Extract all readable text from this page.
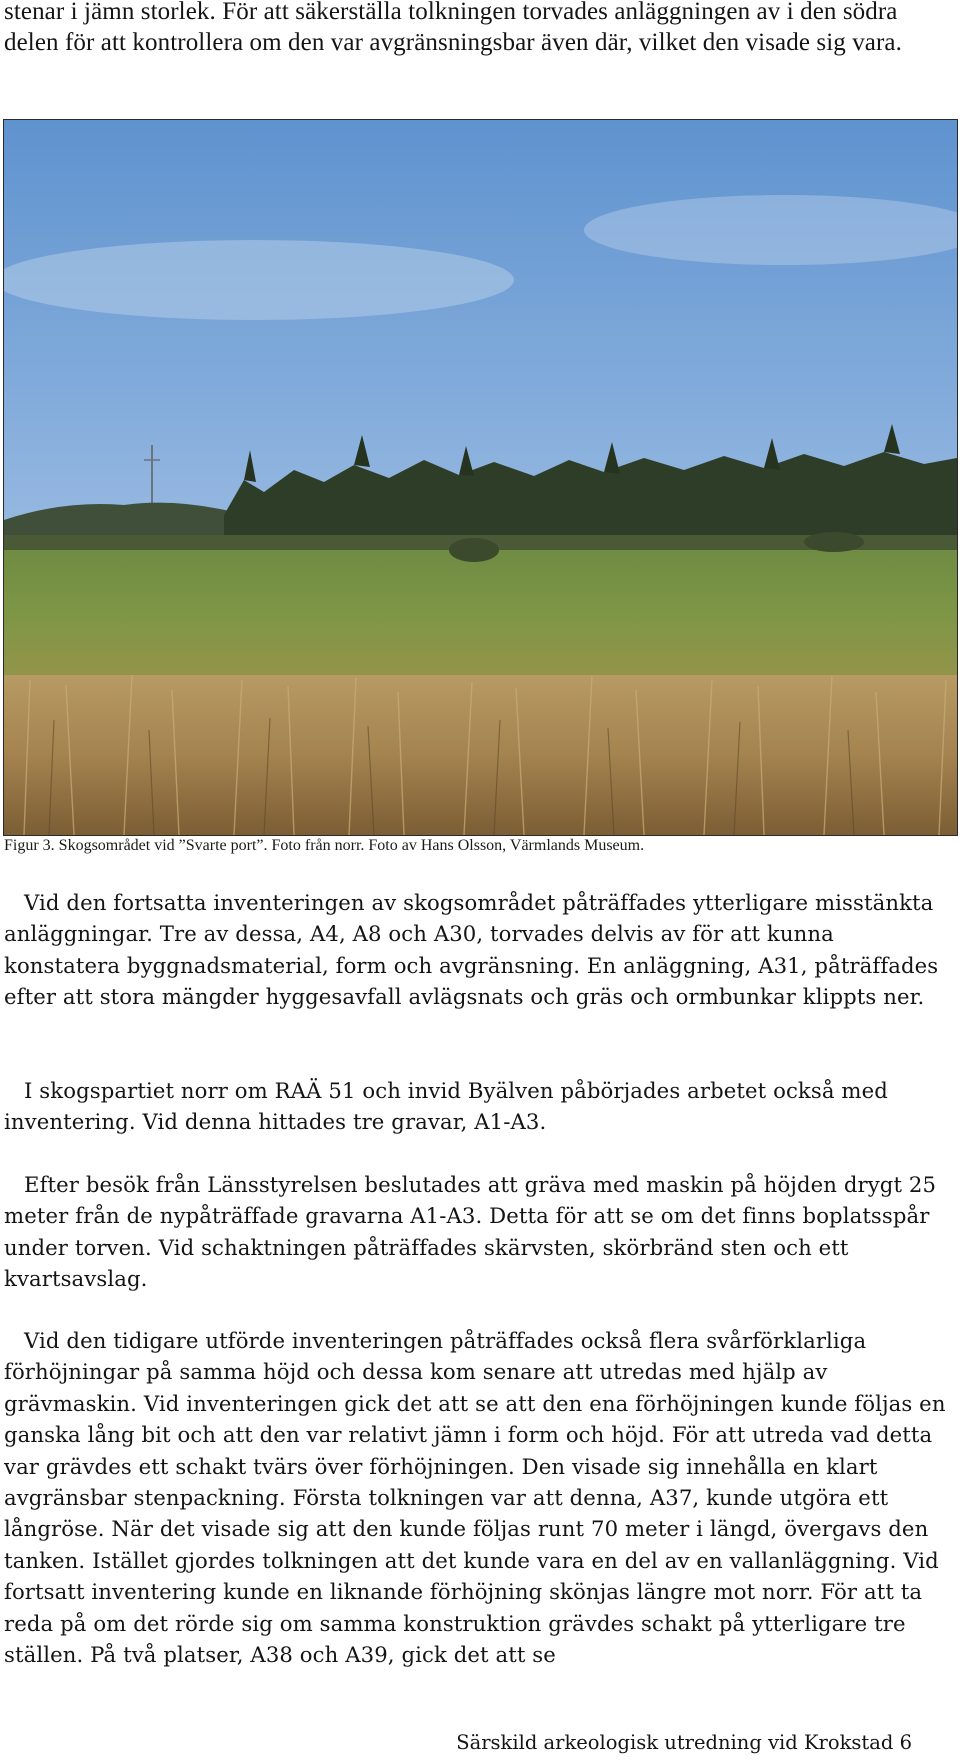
stenar i jämn storlek. För att säkerställa tolkningen torvades anläggningen av i den södra delen för att kontrollera om den var avgränsningsbar även där, vilket den visade sig vara.

Figur 3. Skogsområdet vid ”Svarte port”. Foto från norr. Foto av Hans Olsson, Värmlands Museum.

Vid den fortsatta inventeringen av skogsområdet påträffades ytterligare misstänkta anläggningar. Tre av dessa, A4, A8 och A30, torvades delvis av för att kunna konstatera byggnadsmaterial, form och avgränsning. En anläggning, A31, påträffades efter att stora mängder hyggesavfall avlägsnats och gräs och ormbunkar klippts ner.

I skogspartiet norr om RAÄ 51 och invid Byälven påbörjades arbetet också med inventering. Vid denna hittades tre gravar, A1-A3.

Efter besök från Länsstyrelsen beslutades att gräva med maskin på höjden drygt 25 meter från de nypåträffade gravarna A1-A3. Detta för att se om det finns boplatsspår under torven. Vid schaktningen påträffades skärvsten, skörbränd sten och ett kvartsavslag.

Vid den tidigare utförde inventeringen påträffades också flera svårförklarliga förhöjningar på samma höjd och dessa kom senare att utredas med hjälp av grävmaskin. Vid inventeringen gick det att se att den ena förhöjningen kunde följas en ganska lång bit och att den var relativt jämn i form och höjd. För att utreda vad detta var grävdes ett schakt tvärs över förhöjningen. Den visade sig innehålla en klart avgränsbar stenpackning. Första tolkningen var att denna, A37, kunde utgöra ett långröse. När det visade sig att den kunde följas runt 70 meter i längd, övergavs den tanken. Istället gjordes tolkningen att det kunde vara en del av en vallanläggning. Vid fortsatt inventering kunde en liknande förhöjning skönjas längre mot norr. För att ta reda på om det rörde sig om samma konstruktion grävdes schakt på ytterligare tre ställen. På två platser, A38 och A39, gick det att se

Särskild arkeologisk utredning vid Krokstad 6
